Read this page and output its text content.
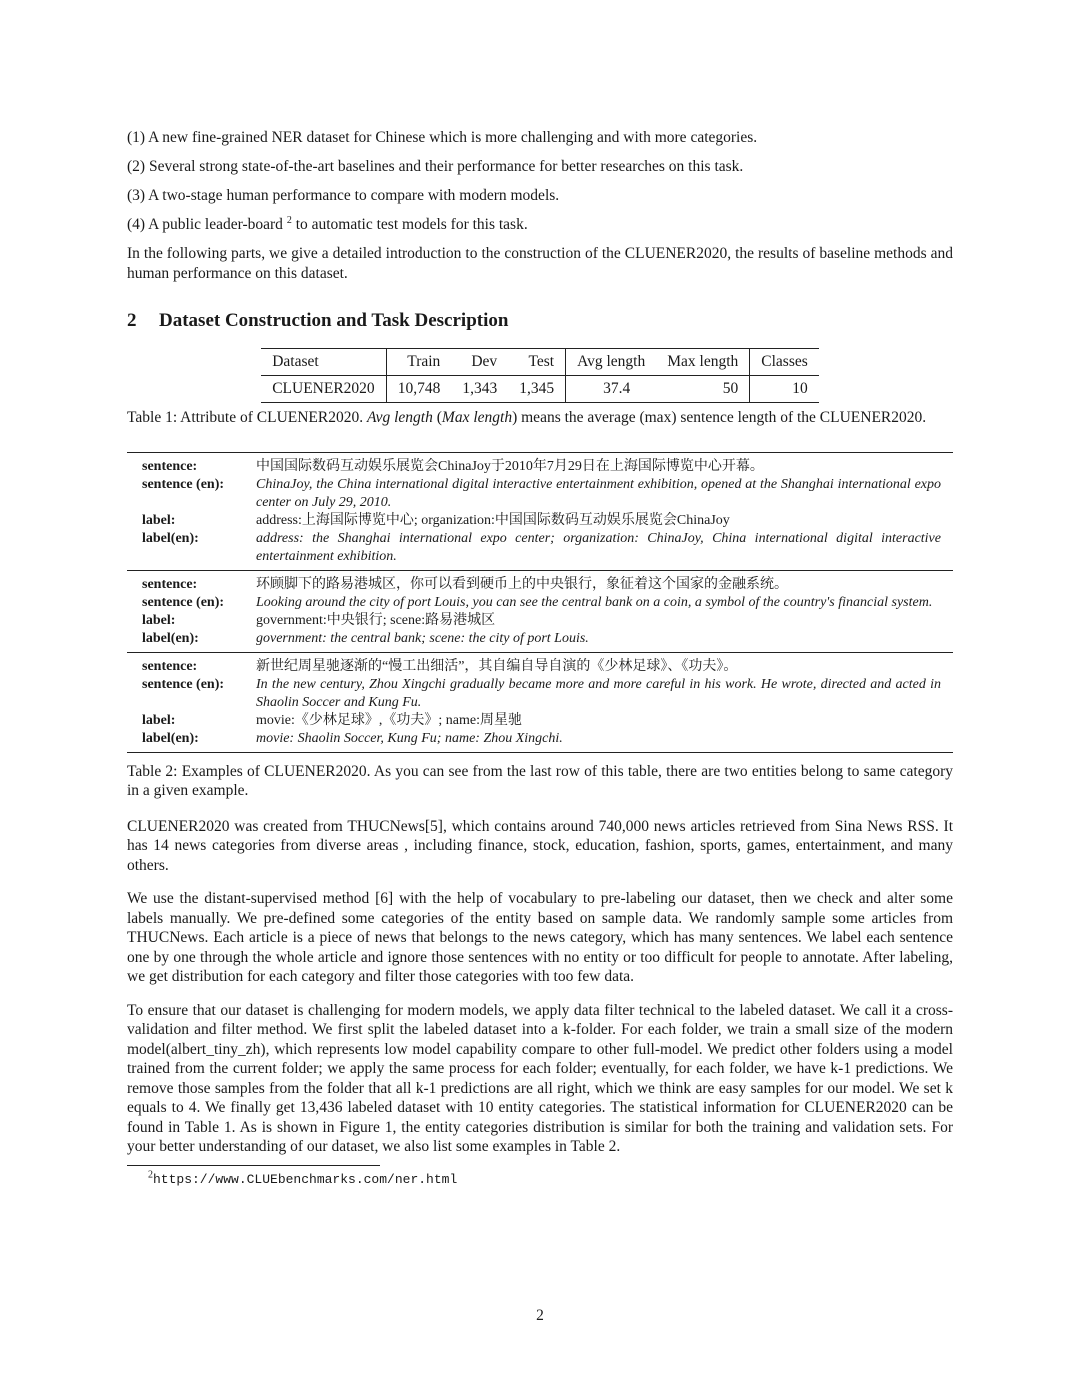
(1) A new fine-grained NER dataset for Chinese which is more challenging and with more categories.

(2) Several strong state-of-the-art baselines and their performance for better researches on this task.

(3) A two-stage human performance to compare with modern models.

(4) A public leader-board $^2$ to automatic test models for this task.

In the following parts, we give a detailed introduction to the construction of the CLUENER2020, the results of baseline methods and human performance on this dataset.

2 Dataset Construction and Task Description
Dataset	Train	Dev	Test	Avg length	Max length	Classes
CLUENER2020	10,748	1,343	1,345	37.4	50	10

Table 1: Attribute of CLUENER2020. Avg length (Max length) means the average (max) sentence length of the CLUENER2020.

sentence:	中国国际数码互动娱乐展览会ChinaJoy于2010年7月29日在上海国际博览中心开幕。
sentence (en):	ChinaJoy, the China international digital interactive entertainment exhibition, opened at the Shanghai international expo center on July 29, 2010.
label:	address:上海国际博览中心; organization:中国国际数码互动娱乐展览会ChinaJoy
label(en):	address: the Shanghai international expo center; organization: ChinaJoy, China international digital interactive entertainment exhibition.
sentence:	环顾脚下的路易港城区，你可以看到硬币上的中央银行，象征着这个国家的金融系统。
sentence (en):	Looking around the city of port Louis, you can see the central bank on a coin, a symbol of the country's financial system.
label:	government:中央银行; scene:路易港城区
label(en):	government: the central bank; scene: the city of port Louis.
sentence:	新世纪周星驰逐渐的“慢工出细活”，其自编自导自演的《少林足球》、《功夫》。
sentence (en):	In the new century, Zhou Xingchi gradually became more and more careful in his work. He wrote, directed and acted in Shaolin Soccer and Kung Fu.
label:	movie:《少林足球》,《功夫》; name:周星驰
label(en):	movie: Shaolin Soccer, Kung Fu; name: Zhou Xingchi.

Table 2: Examples of CLUENER2020. As you can see from the last row of this table, there are two entities belong to same category in a given example.

CLUENER2020 was created from THUCNews[5], which contains around 740,000 news articles retrieved from Sina News RSS. It has 14 news categories from diverse areas , including finance, stock, education, fashion, sports, games, entertainment, and many others.

We use the distant-supervised method [6] with the help of vocabulary to pre-labeling our dataset, then we check and alter some labels manually. We pre-defined some categories of the entity based on sample data. We randomly sample some articles from THUCNews. Each article is a piece of news that belongs to the news category, which has many sentences. We label each sentence one by one through the whole article and ignore those sentences with no entity or too difficult for people to annotate. After labeling, we get distribution for each category and filter those categories with too few data.

To ensure that our dataset is challenging for modern models, we apply data filter technical to the labeled dataset. We call it a cross-validation and filter method. We first split the labeled dataset into a k-folder. For each folder, we train a small size of the modern model(albert_tiny_zh), which represents low model capability compare to other full-model. We predict other folders using a model trained from the current folder; we apply the same process for each folder; eventually, for each folder, we have k-1 predictions. We remove those samples from the folder that all k-1 predictions are all right, which we think are easy samples for our model. We set k equals to 4. We finally get 13,436 labeled dataset with 10 entity categories. The statistical information for CLUENER2020 can be found in Table 1. As is shown in Figure 1, the entity categories distribution is similar for both the training and validation sets. For your better understanding of our dataset, we also list some examples in Table 2.

$^2$https://www.CLUEbenchmarks.com/ner.html
2
